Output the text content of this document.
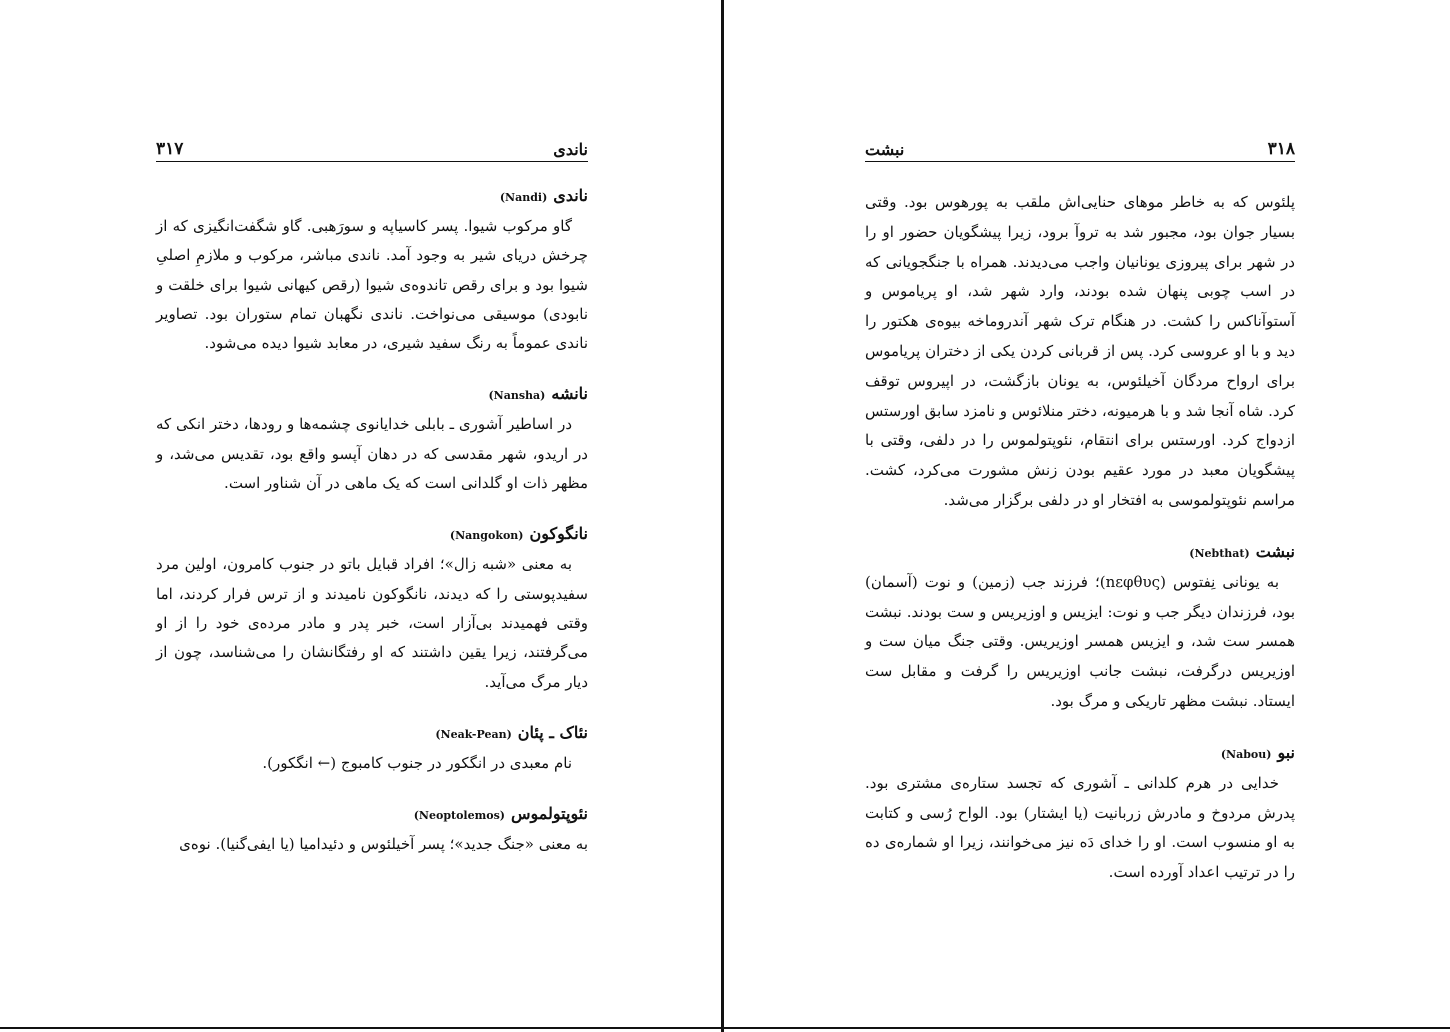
۳۱۷	ناندی
ناندی(Nandi)
گاو مرکوب شیوا. پسر کاسیاپه و سورَهبی. گاو شگفت‌انگیزی که از چرخش دریای شیر به وجود آمد. ناندی مباشر، مرکوب و ملازمِ اصلیِ شیوا بود و برای رقص تاندوه‌ی شیوا (رقص کیهانی شیوا برای خلقت و نابودی) موسیقی می‌نواخت. ناندی نگهبان تمام ستوران بود. تصاویر ناندی عموماً به رنگ سفید شیری، در معابد شیوا دیده می‌شود.
نانشه(Nansha)
در اساطیر آشوری ـ بابلی خدایانوی چشمه‌ها و رودها، دختر انکی که در اریدو، شهر مقدسی که در دهان آپسو واقع بود، تقدیس می‌شد، و مظهر ذات او گلدانی است که یک ماهی در آن شناور است.
نانگوکون(Nangokon)
به معنی «شبه زال»؛ افراد قبایل باتو در جنوب کامرون، اولین مرد سفیدپوستی را که دیدند، نانگوکون نامیدند و از ترس فرار کردند، اما وقتی فهمیدند بی‌آزار است، خبر پدر و مادر مرده‌ی خود را از او می‌گرفتند، زیرا یقین داشتند که او رفتگانشان را می‌شناسد، چون از دیار مرگ می‌آید.
نئاک ـ پئان(Neak-Pean)
نام معبدی در انگکور در جنوب کامبوج (← انگکور).
نئوپتولموس(Neoptolemos)
به معنی «جنگ جدید»؛ پسر آخیلئوس و دئیدامیا (یا ایفی‌گنیا). نوه‌ی
نبشت	۳۱۸
پلئوس که به خاطر موهای حنایی‌اش ملقب به پورهوس بود. وقتی بسیار جوان بود، مجبور شد به تروآ برود، زیرا پیشگویان حضور او را در شهر برای پیروزی یونانیان واجب می‌دیدند. همراه با جنگجویانی که در اسب چوبی پنهان شده بودند، وارد شهر شد، او پریاموس و آستوآناکس را کشت. در هنگام ترک شهر آندروماخه بیوه‌ی هکتور را دید و با او عروسی کرد. پس از قربانی کردن یکی از دختران پریاموس برای ارواح مردگان آخیلئوس، به یونان بازگشت، در اپیروس توقف کرد. شاه آنجا شد و با هرمیونه، دختر منلائوس و نامزد سابق اورستس ازدواج کرد. اورستس برای انتقام، نئوپتولموس را در دلفی، وقتی با پیشگویان معبد در مورد عقیم بودن زنش مشورت می‌کرد، کشت. مراسم نئوپتولموسی به افتخار او در دلفی برگزار می‌شد.
نبشت(Nebthat)
به یونانی نِفتوس (nεφθυς)؛ فرزند جب (زمین) و نوت (آسمان) بود، فرزندان دیگر جب و نوت: ایزیس و اوزیریس و ست بودند. نبشت همسر ست شد، و ایزیس همسر اوزیریس. وقتی جنگ میان ست و اوزیریس درگرفت، نبشت جانب اوزیریس را گرفت و مقابل ست ایستاد. نبشت مظهر تاریکی و مرگ بود.
نبو(Nabou)
خدایی در هرم کلدانی ـ آشوری که تجسد ستاره‌ی مشتری بود. پدرش مردوخ و مادرش زربانیت (یا ایشتار) بود. الواح رُسی و کتابت به او منسوب است. او را خدای دَه نیز می‌خوانند، زیرا او شماره‌ی ده را در ترتیب اعداد آورده است.
